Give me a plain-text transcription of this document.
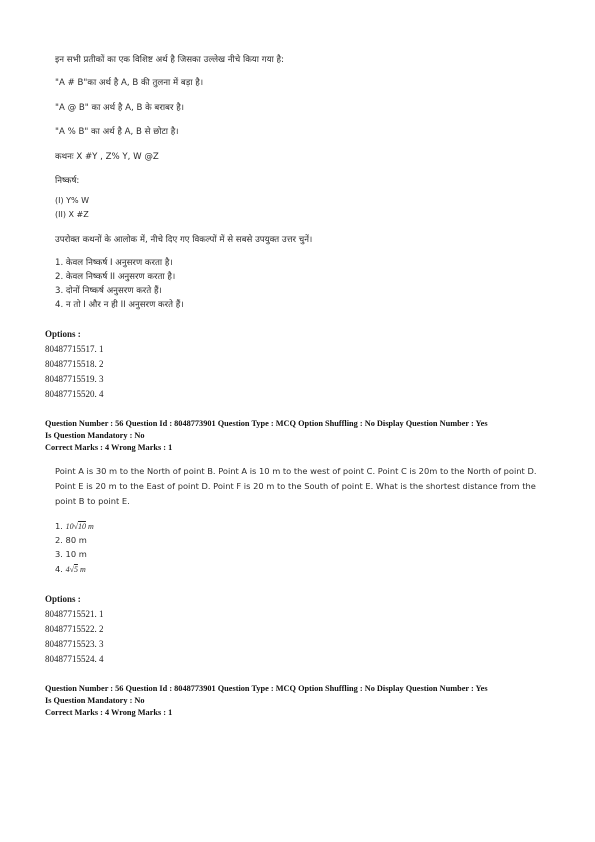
इन सभी प्रतीकों का एक विशिष्ट अर्थ है जिसका उल्लेख नीचे किया गया है:
"A # B"का अर्थ है A, B की तुलना में बड़ा है।
"A @ B" का अर्थ है A, B के बराबर है।
"A % B" का अर्थ है A, B से छोटा है।
कथनः X #Y , Z% Y, W @Z
निष्कर्ष:
(I) Y% W
(II) X #Z
उपरोक्त कथनों के आलोक में, नीचे दिए गए विकल्पों में से सबसे उपयुक्त उत्तर चुनें।
1. केवल निष्कर्ष I अनुसरण करता है।
2. केवल निष्कर्ष II अनुसरण करता है।
3. दोनों निष्कर्ष अनुसरण करते हैं।
4. न तो I और न ही II अनुसरण करते हैं।
Options :
80487715517. 1
80487715518. 2
80487715519. 3
80487715520. 4
Question Number : 56 Question Id : 8048773901 Question Type : MCQ Option Shuffling : No Display Question Number : Yes
Is Question Mandatory : No
Correct Marks : 4 Wrong Marks : 1
Point A is 30 m to the North of point B. Point A is 10 m to the west of point C. Point C is 20m to the North of point D.
Point E is 20 m to the East of point D. Point F is 20 m to the South of point E. What is the shortest distance from the
point B to point E.
1. 10√10 m
2. 80 m
3. 10 m
4. 4√5 m
Options :
80487715521. 1
80487715522. 2
80487715523. 3
80487715524. 4
Question Number : 56 Question Id : 8048773901 Question Type : MCQ Option Shuffling : No Display Question Number : Yes
Is Question Mandatory : No
Correct Marks : 4 Wrong Marks : 1
